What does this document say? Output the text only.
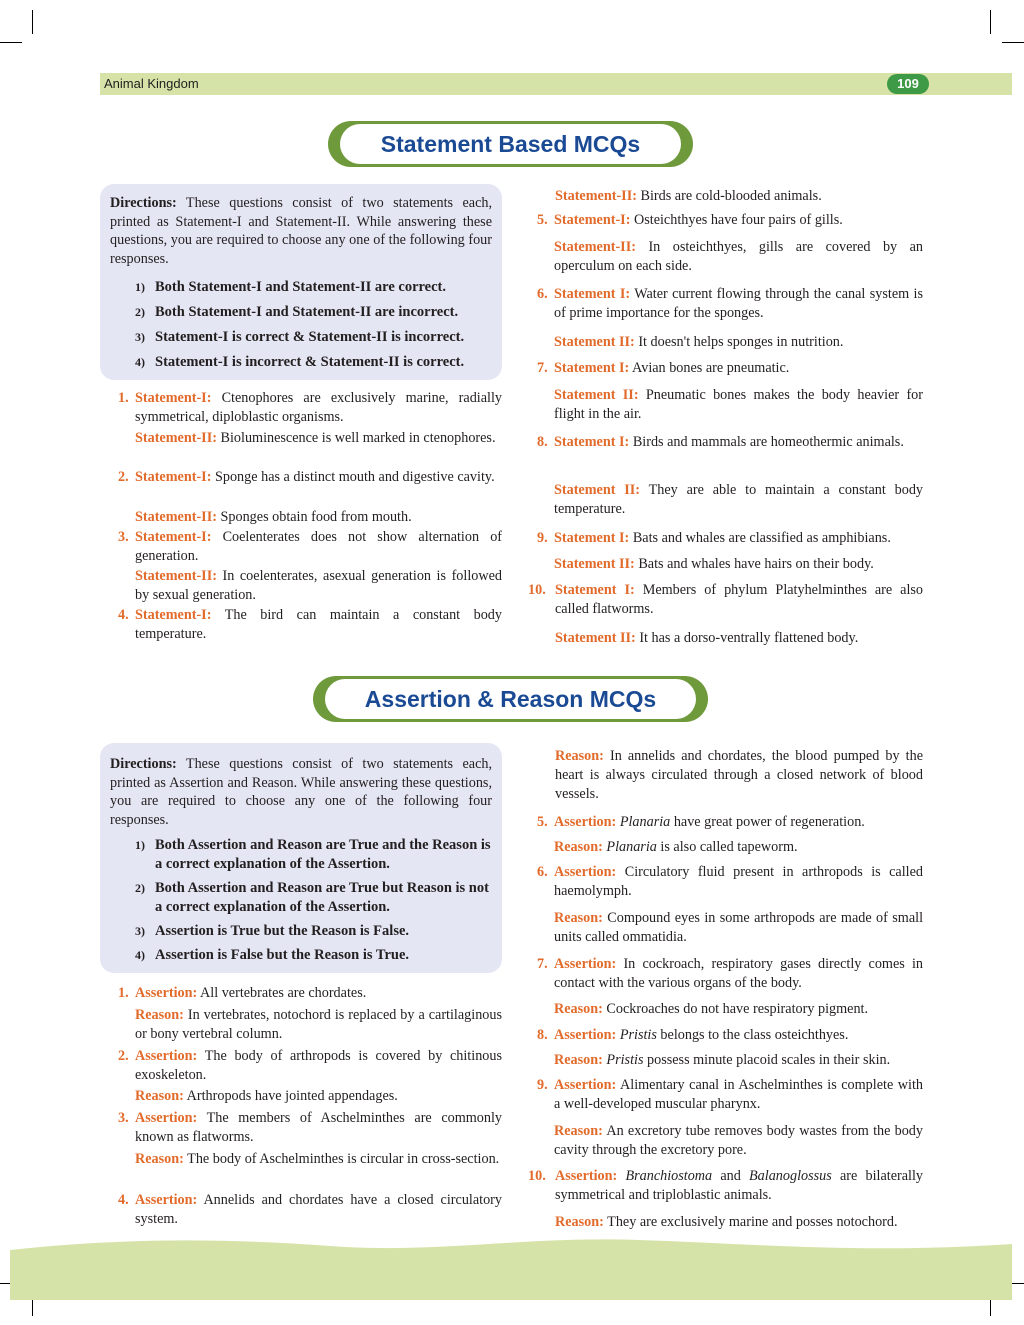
Animal Kingdom	109
Statement Based MCQs
Directions: These questions consist of two statements each, printed as Statement-I and Statement-II. While answering these questions, you are required to choose any one of the following four responses.
1) Both Statement-I and Statement-II are correct.
2) Both Statement-I and Statement-II are incorrect.
3) Statement-I is correct & Statement-II is incorrect.
4) Statement-I is incorrect & Statement-II is correct.
1. Statement-I: Ctenophores are exclusively marine, radially symmetrical, diploblastic organisms.
Statement-II: Bioluminescence is well marked in ctenophores.
2. Statement-I: Sponge has a distinct mouth and digestive cavity.
Statement-II: Sponges obtain food from mouth.
3. Statement-I: Coelenterates does not show alternation of generation.
Statement-II: In coelenterates, asexual generation is followed by sexual generation.
4. Statement-I: The bird can maintain a constant body temperature.
Statement-II: Birds are cold-blooded animals.
5. Statement-I: Osteichthyes have four pairs of gills.
Statement-II: In osteichthyes, gills are covered by an operculum on each side.
6. Statement I: Water current flowing through the canal system is of prime importance for the sponges.
Statement II: It doesn't helps sponges in nutrition.
7. Statement I: Avian bones are pneumatic.
Statement II: Pneumatic bones makes the body heavier for flight in the air.
8. Statement I: Birds and mammals are homeothermic animals.
Statement II: They are able to maintain a constant body temperature.
9. Statement I: Bats and whales are classified as amphibians.
Statement II: Bats and whales have hairs on their body.
10. Statement I: Members of phylum Platyhelminthes are also called flatworms.
Statement II: It has a dorso-ventrally flattened body.
Assertion & Reason MCQs
Directions: These questions consist of two statements each, printed as Assertion and Reason. While answering these questions, you are required to choose any one of the following four responses.
1) Both Assertion and Reason are True and the Reason is a correct explanation of the Assertion.
2) Both Assertion and Reason are True but Reason is not a correct explanation of the Assertion.
3) Assertion is True but the Reason is False.
4) Assertion is False but the Reason is True.
1. Assertion: All vertebrates are chordates.
Reason: In vertebrates, notochord is replaced by a cartilaginous or bony vertebral column.
2. Assertion: The body of arthropods is covered by chitinous exoskeleton.
Reason: Arthropods have jointed appendages.
3. Assertion: The members of Aschelminthes are commonly known as flatworms.
Reason: The body of Aschelminthes is circular in cross-section.
4. Assertion: Annelids and chordates have a closed circulatory system.
Reason: In annelids and chordates, the blood pumped by the heart is always circulated through a closed network of blood vessels.
5. Assertion: Planaria have great power of regeneration.
Reason: Planaria is also called tapeworm.
6. Assertion: Circulatory fluid present in arthropods is called haemolymph.
Reason: Compound eyes in some arthropods are made of small units called ommatidia.
7. Assertion: In cockroach, respiratory gases directly comes in contact with the various organs of the body.
Reason: Cockroaches do not have respiratory pigment.
8. Assertion: Pristis belongs to the class osteichthyes.
Reason: Pristis possess minute placoid scales in their skin.
9. Assertion: Alimentary canal in Aschelminthes is complete with a well-developed muscular pharynx.
Reason: An excretory tube removes body wastes from the body cavity through the excretory pore.
10. Assertion: Branchiostoma and Balanoglossus are bilaterally symmetrical and triploblastic animals.
Reason: They are exclusively marine and posses notochord.
